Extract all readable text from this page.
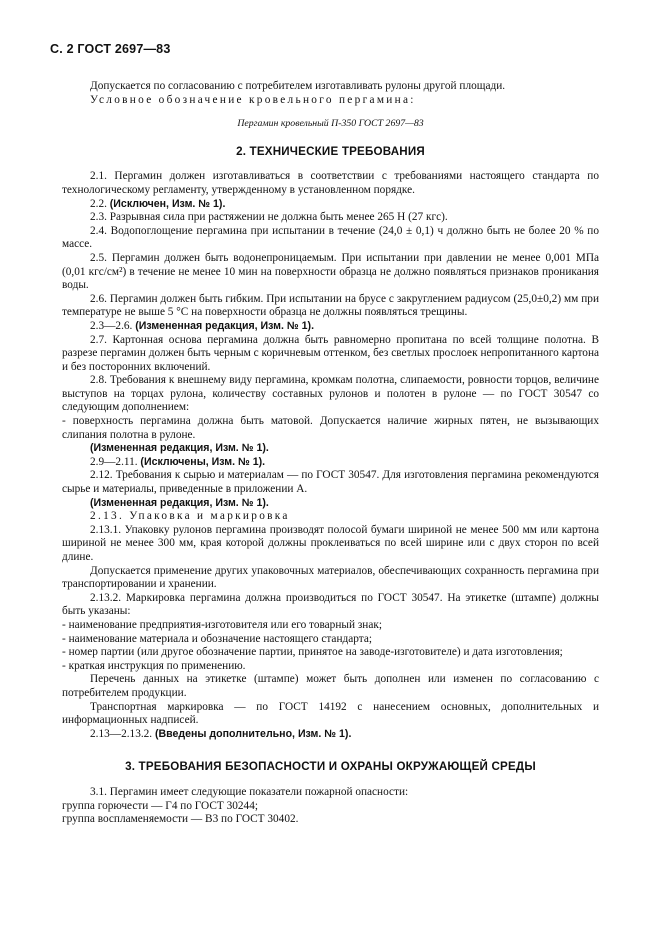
С. 2 ГОСТ 2697—83

Допускается по согласованию с потребителем изготавливать рулоны другой площади.

Условное обозначение кровельного пергамина:

Пергамин кровельный П-350 ГОСТ 2697—83

2. ТЕХНИЧЕСКИЕ ТРЕБОВАНИЯ

2.1. Пергамин должен изготавливаться в соответствии с требованиями настоящего стандарта по технологическому регламенту, утвержденному в установленном порядке.

2.2. (Исключен, Изм. № 1).

2.3. Разрывная сила при растяжении не должна быть менее 265 Н (27 кгс).

2.4. Водопоглощение пергамина при испытании в течение (24,0 ± 0,1) ч должно быть не более 20 % по массе.

2.5. Пергамин должен быть водонепроницаемым. При испытании при давлении не менее 0,001 МПа (0,01 кгс/см²) в течение не менее 10 мин на поверхности образца не должно появляться признаков проникания воды.

2.6. Пергамин должен быть гибким. При испытании на брусе с закруглением радиусом (25,0±0,2) мм при температуре не выше 5 °С на поверхности образца не должны появляться трещины.

2.3—2.6. (Измененная редакция, Изм. № 1).

2.7. Картонная основа пергамина должна быть равномерно пропитана по всей толщине полотна. В разрезе пергамин должен быть черным с коричневым оттенком, без светлых прослоек непропитанного картона и без посторонних включений.

2.8. Требования к внешнему виду пергамина, кромкам полотна, слипаемости, ровности торцов, величине выступов на торцах рулона, количеству составных рулонов и полотен в рулоне — по ГОСТ 30547 со следующим дополнением:

- поверхность пергамина должна быть матовой. Допускается наличие жирных пятен, не вызывающих слипания полотна в рулоне.

(Измененная редакция, Изм. № 1).

2.9—2.11. (Исключены, Изм. № 1).

2.12. Требования к сырью и материалам — по ГОСТ 30547. Для изготовления пергамина рекомендуются сырье и материалы, приведенные в приложении А.

(Измененная редакция, Изм. № 1).

2.13. Упаковка и маркировка

2.13.1. Упаковку рулонов пергамина производят полосой бумаги шириной не менее 500 мм или картона шириной не менее 300 мм, края которой должны проклеиваться по всей ширине или с двух сторон по всей длине.

Допускается применение других упаковочных материалов, обеспечивающих сохранность пергамина при транспортировании и хранении.

2.13.2. Маркировка пергамина должна производиться по ГОСТ 30547. На этикетке (штампе) должны быть указаны:

- наименование предприятия-изготовителя или его товарный знак;

- наименование материала и обозначение настоящего стандарта;

- номер партии (или другое обозначение партии, принятое на заводе-изготовителе) и дата изготовления;

- краткая инструкция по применению.

Перечень данных на этикетке (штампе) может быть дополнен или изменен по согласованию с потребителем продукции.

Транспортная маркировка — по ГОСТ 14192 с нанесением основных, дополнительных и информационных надписей.

2.13—2.13.2. (Введены дополнительно, Изм. № 1).

3. ТРЕБОВАНИЯ БЕЗОПАСНОСТИ И ОХРАНЫ ОКРУЖАЮЩЕЙ СРЕДЫ

3.1. Пергамин имеет следующие показатели пожарной опасности:

группа горючести — Г4 по ГОСТ 30244;

группа воспламеняемости — В3 по ГОСТ 30402.
